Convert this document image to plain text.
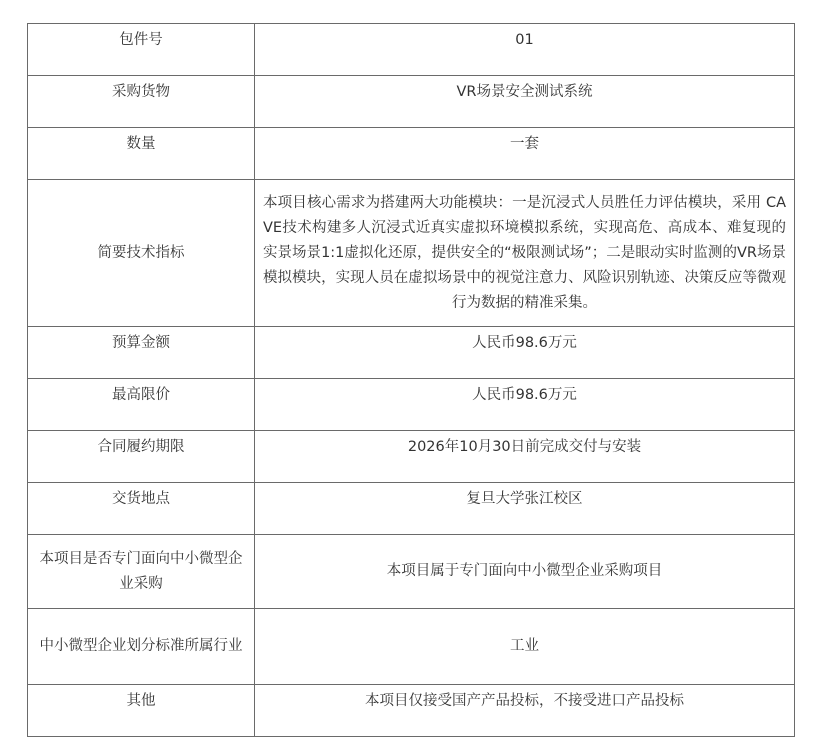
包件号	01
采购货物	VR场景安全测试系统
数量	一套
简要技术指标	本项目核心需求为搭建两大功能模块：一是沉浸式人员胜任力评估模块，采用 CAVE技术构建多人沉浸式近真实虚拟环境模拟系统，实现高危、高成本、难复现的实景场景1:1虚拟化还原，提供安全的“极限测试场”；二是眼动实时监测的VR场景模拟模块，实现人员在虚拟场景中的视觉注意力、风险识别轨迹、决策反应等微观行为数据的精准采集。

预算金额	人民币98.6万元
最高限价	人民币98.6万元
合同履约期限	2026年10月30日前完成交付与安装
交货地点	复旦大学张江校区
本项目是否专门面向中小微型企业采购	本项目属于专门面向中小微型企业采购项目
中小微型企业划分标准所属行业	工业
其他	本项目仅接受国产产品投标，不接受进口产品投标
